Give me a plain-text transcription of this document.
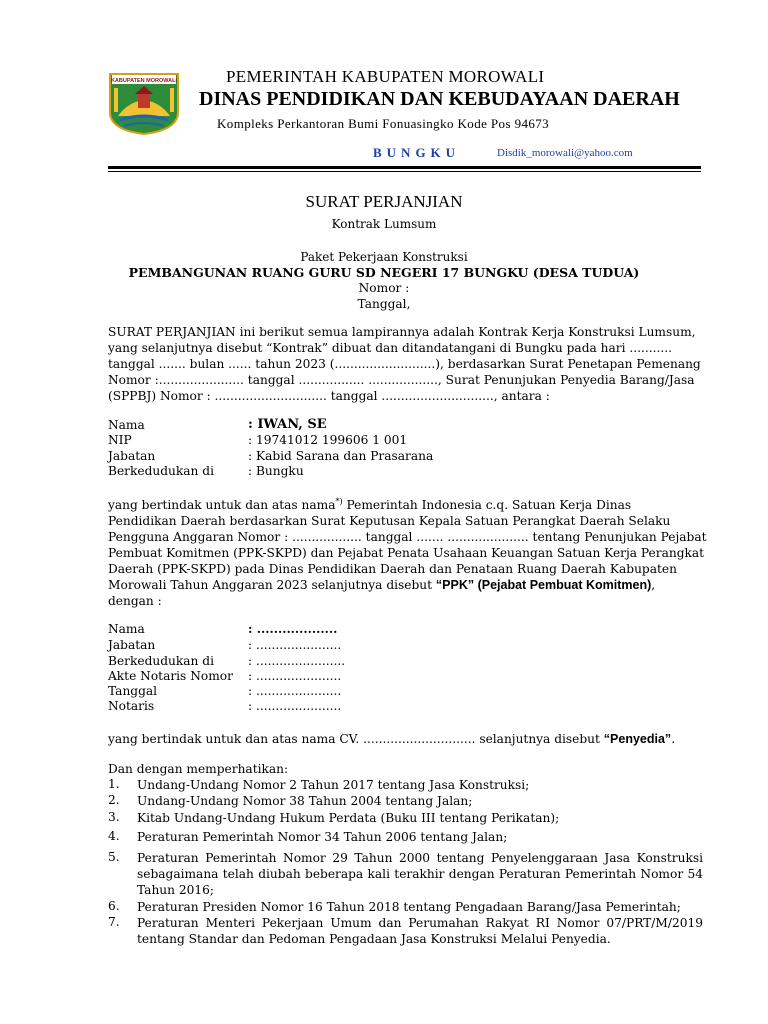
KABUPATEN MOROWALI	PEMERINTAH KABUPATEN MOROWALI
DINAS PENDIDIKAN DAN KEBUDAYAAN DAERAH
Kompleks Perkantoran Bumi Fonuasingko Kode Pos 94673
BUNGKU	Disdik_morowali@yahoo.com
SURAT PERJANJIAN
Kontrak Lumsum
Paket Pekerjaan Konstruksi
PEMBANGUNAN RUANG GURU SD NEGERI 17 BUNGKU (DESA TUDUA)
Nomor :
Tanggal,
SURAT PERJANJIAN ini berikut semua lampirannya adalah Kontrak Kerja Konstruksi Lumsum,
yang selanjutnya disebut “Kontrak” dibuat dan ditandatangani di Bungku pada hari ...........
tanggal ....... bulan ...... tahun 2023 (..........................), berdasarkan Surat Penetapan Pemenang
Nomor :...................... tanggal ................. .................., Surat Penunjukan Penyedia Barang/Jasa
(SPPBJ) Nomor : ............................. tanggal ............................., antara :
Nama	: IWAN, SE
NIP	: 19741012 199606 1 001
Jabatan	: Kabid Sarana dan Prasarana
Berkedudukan di	: Bungku
yang bertindak untuk dan atas nama*) Pemerintah Indonesia c.q. Satuan Kerja Dinas
Pendidikan Daerah berdasarkan Surat Keputusan Kepala Satuan Perangkat Daerah Selaku
Pengguna Anggaran Nomor : .................. tanggal ....... ..................... tentang Penunjukan Pejabat
Pembuat Komitmen (PPK-SKPD) dan Pejabat Penata Usahaan Keuangan Satuan Kerja Perangkat
Daerah (PPK-SKPD) pada Dinas Pendidikan Daerah dan Penataan Ruang Daerah Kabupaten
Morowali Tahun Anggaran 2023 selanjutnya disebut “PPK” (Pejabat Pembuat Komitmen),
dengan :
Nama	: ...................
Jabatan	: ......................
Berkedudukan di	: .......................
Akte Notaris Nomor : ......................
Tanggal	: ......................
Notaris	: ......................
yang bertindak untuk dan atas nama CV. ............................. selanjutnya disebut “Penyedia”.
Dan dengan memperhatikan:
1. Undang-Undang Nomor 2 Tahun 2017 tentang Jasa Konstruksi;
2. Undang-Undang Nomor 38 Tahun 2004 tentang Jalan;
3. Kitab Undang-Undang Hukum Perdata (Buku III tentang Perikatan);
4. Peraturan Pemerintah Nomor 34 Tahun 2006 tentang Jalan;
5. Peraturan Pemerintah Nomor 29 Tahun 2000 tentang Penyelenggaraan Jasa Konstruksi sebagaimana telah diubah beberapa kali terakhir dengan Peraturan Pemerintah Nomor 54 Tahun 2016;
6. Peraturan Presiden Nomor 16 Tahun 2018 tentang Pengadaan Barang/Jasa Pemerintah;
7. Peraturan Menteri Pekerjaan Umum dan Perumahan Rakyat RI Nomor 07/PRT/M/2019 tentang Standar dan Pedoman Pengadaan Jasa Konstruksi Melalui Penyedia.
